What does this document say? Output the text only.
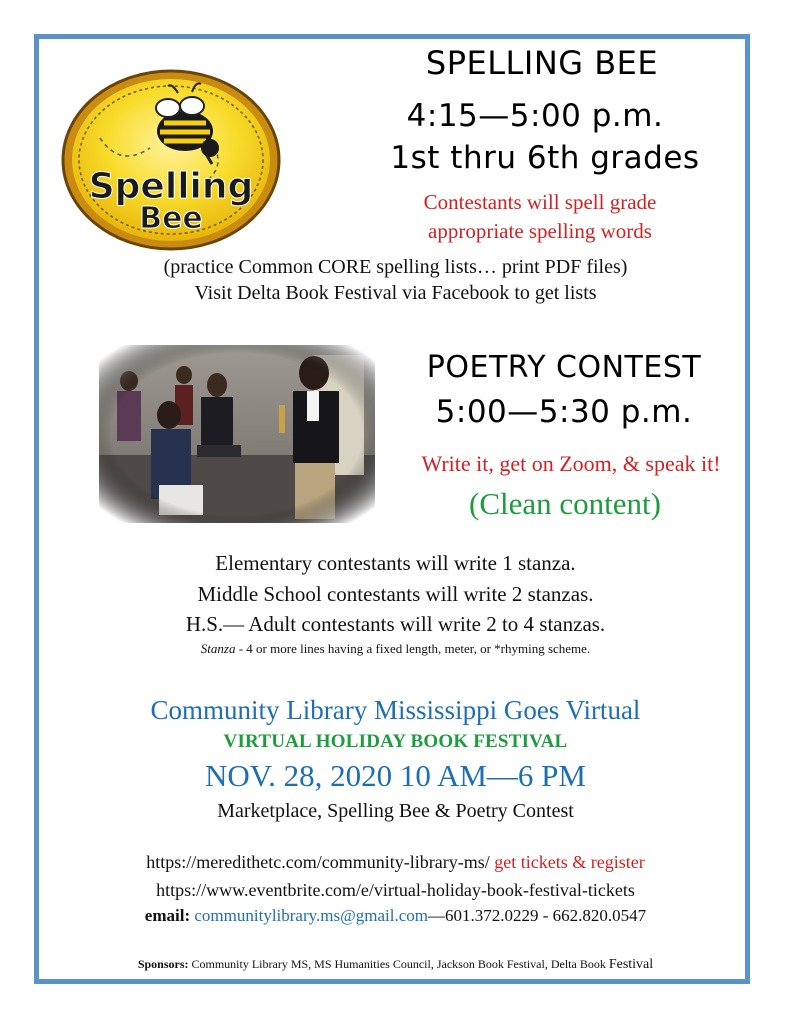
Spelling
Bee
SPELLING BEE
4:15—5:00 p.m.
1st thru 6th grades
Contestants will spell grade
appropriate spelling words
(practice Common CORE spelling lists… print PDF files)
Visit Delta Book Festival via Facebook to get lists
POETRY CONTEST
5:00—5:30 p.m.
Write it, get on Zoom, & speak it!
(Clean content)
Elementary contestants will write 1 stanza.
Middle School contestants will write 2 stanzas.
H.S.— Adult contestants will write 2 to 4 stanzas.
Stanza - 4 or more lines having a fixed length, meter, or *rhyming scheme.
Community Library Mississippi Goes Virtual
VIRTUAL HOLIDAY BOOK FESTIVAL
NOV. 28, 2020 10 AM—6 PM
Marketplace, Spelling Bee & Poetry Contest
https://meredithetc.com/community-library-ms/ get tickets & register
https://www.eventbrite.com/e/virtual-holiday-book-festival-tickets
email: communitylibrary.ms@gmail.com—601.372.0229 - 662.820.0547
Sponsors: Community Library MS, MS Humanities Council, Jackson Book Festival, Delta Book Festival
